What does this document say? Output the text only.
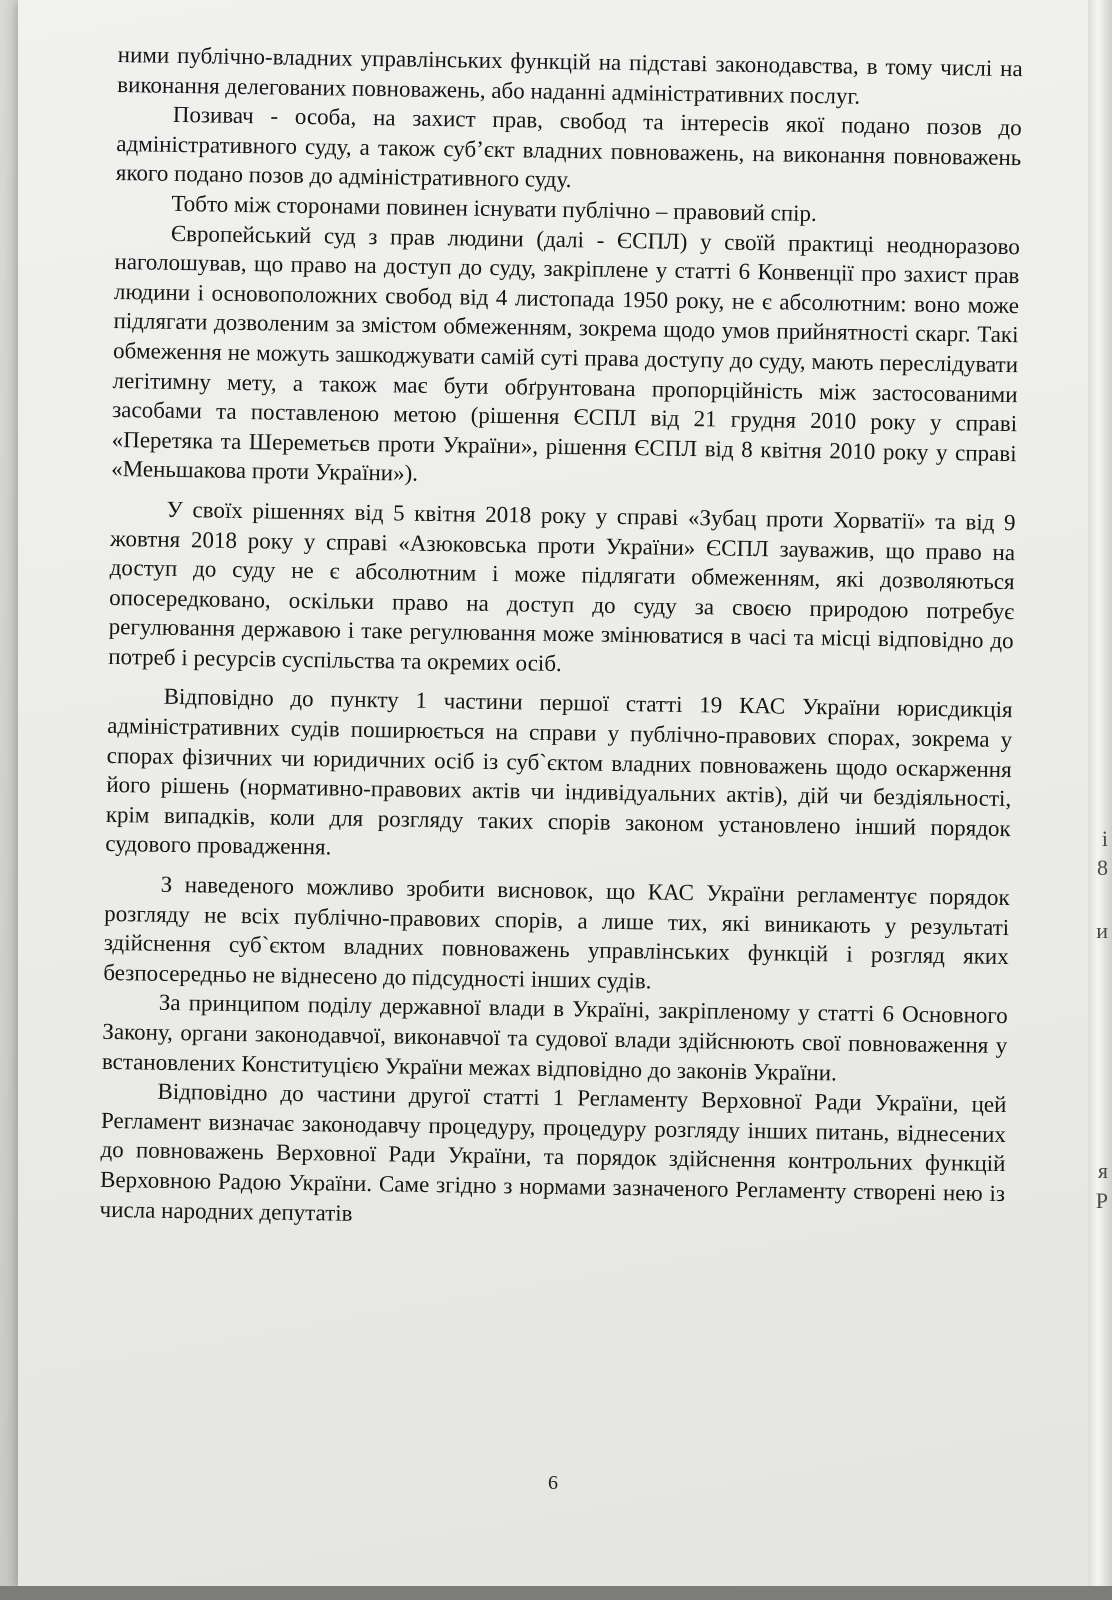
ними публічно-владних управлінських функцій на підставі законодавства, в тому числі на виконання делегованих повноважень, або наданні адміністративних послуг.

Позивач - особа, на захист прав, свобод та інтересів якої подано позов до адміністративного суду, а також суб’єкт владних повноважень, на виконання повноважень якого подано позов до адміністративного суду.

Тобто між сторонами повинен існувати публічно – правовий спір.

Європейський суд з прав людини (далі - ЄСПЛ) у своїй практиці неодноразово наголошував, що право на доступ до суду, закріплене у статті 6 Конвенції про захист прав людини і основоположних свобод від 4 листопада 1950 року, не є абсолютним: воно може підлягати дозволеним за змістом обмеженням, зокрема щодо умов прийнятності скарг. Такі обмеження не можуть зашкоджувати самій суті права доступу до суду, мають переслідувати легітимну мету, а також має бути обґрунтована пропорційність між застосованими засобами та поставленою метою (рішення ЄСПЛ від 21 грудня 2010 року у справі «Перетяка та Шереметьєв проти України», рішення ЄСПЛ від 8 квітня 2010 року у справі «Меньшакова проти України»).

У своїх рішеннях від 5 квітня 2018 року у справі «Зубац проти Хорватії» та від 9 жовтня 2018 року у справі «Азюковська проти України» ЄСПЛ зауважив, що право на доступ до суду не є абсолютним і може підлягати обмеженням, які дозволяються опосередковано, оскільки право на доступ до суду за своєю природою потребує регулювання державою і таке регулювання може змінюватися в часі та місці відповідно до потреб і ресурсів суспільства та окремих осіб.

Відповідно до пункту 1 частини першої статті 19 КАС України юрисдикція адміністративних судів поширюється на справи у публічно-правових спорах, зокрема у спорах фізичних чи юридичних осіб із суб`єктом владних повноважень щодо оскарження його рішень (нормативно-правових актів чи індивідуальних актів), дій чи бездіяльності, крім випадків, коли для розгляду таких спорів законом установлено інший порядок судового провадження.

З наведеного можливо зробити висновок, що КАС України регламентує порядок розгляду не всіх публічно-правових спорів, а лише тих, які виникають у результаті здійснення суб`єктом владних повноважень управлінських функцій і розгляд яких безпосередньо не віднесено до підсудності інших судів.

За принципом поділу державної влади в Україні, закріпленому у статті 6 Основного Закону, органи законодавчої, виконавчої та судової влади здійснюють свої повноваження у встановлених Конституцією України межах відповідно до законів України.

Відповідно до частини другої статті 1 Регламенту Верховної Ради України, цей Регламент визначає законодавчу процедуру, процедуру розгляду інших питань, віднесених до повноважень Верховної Ради України, та порядок здійснення контрольних функцій Верховною Радою України. Саме згідно з нормами зазначеного Регламенту створені нею із числа народних депутатів

6
і
8
и
я
Р
